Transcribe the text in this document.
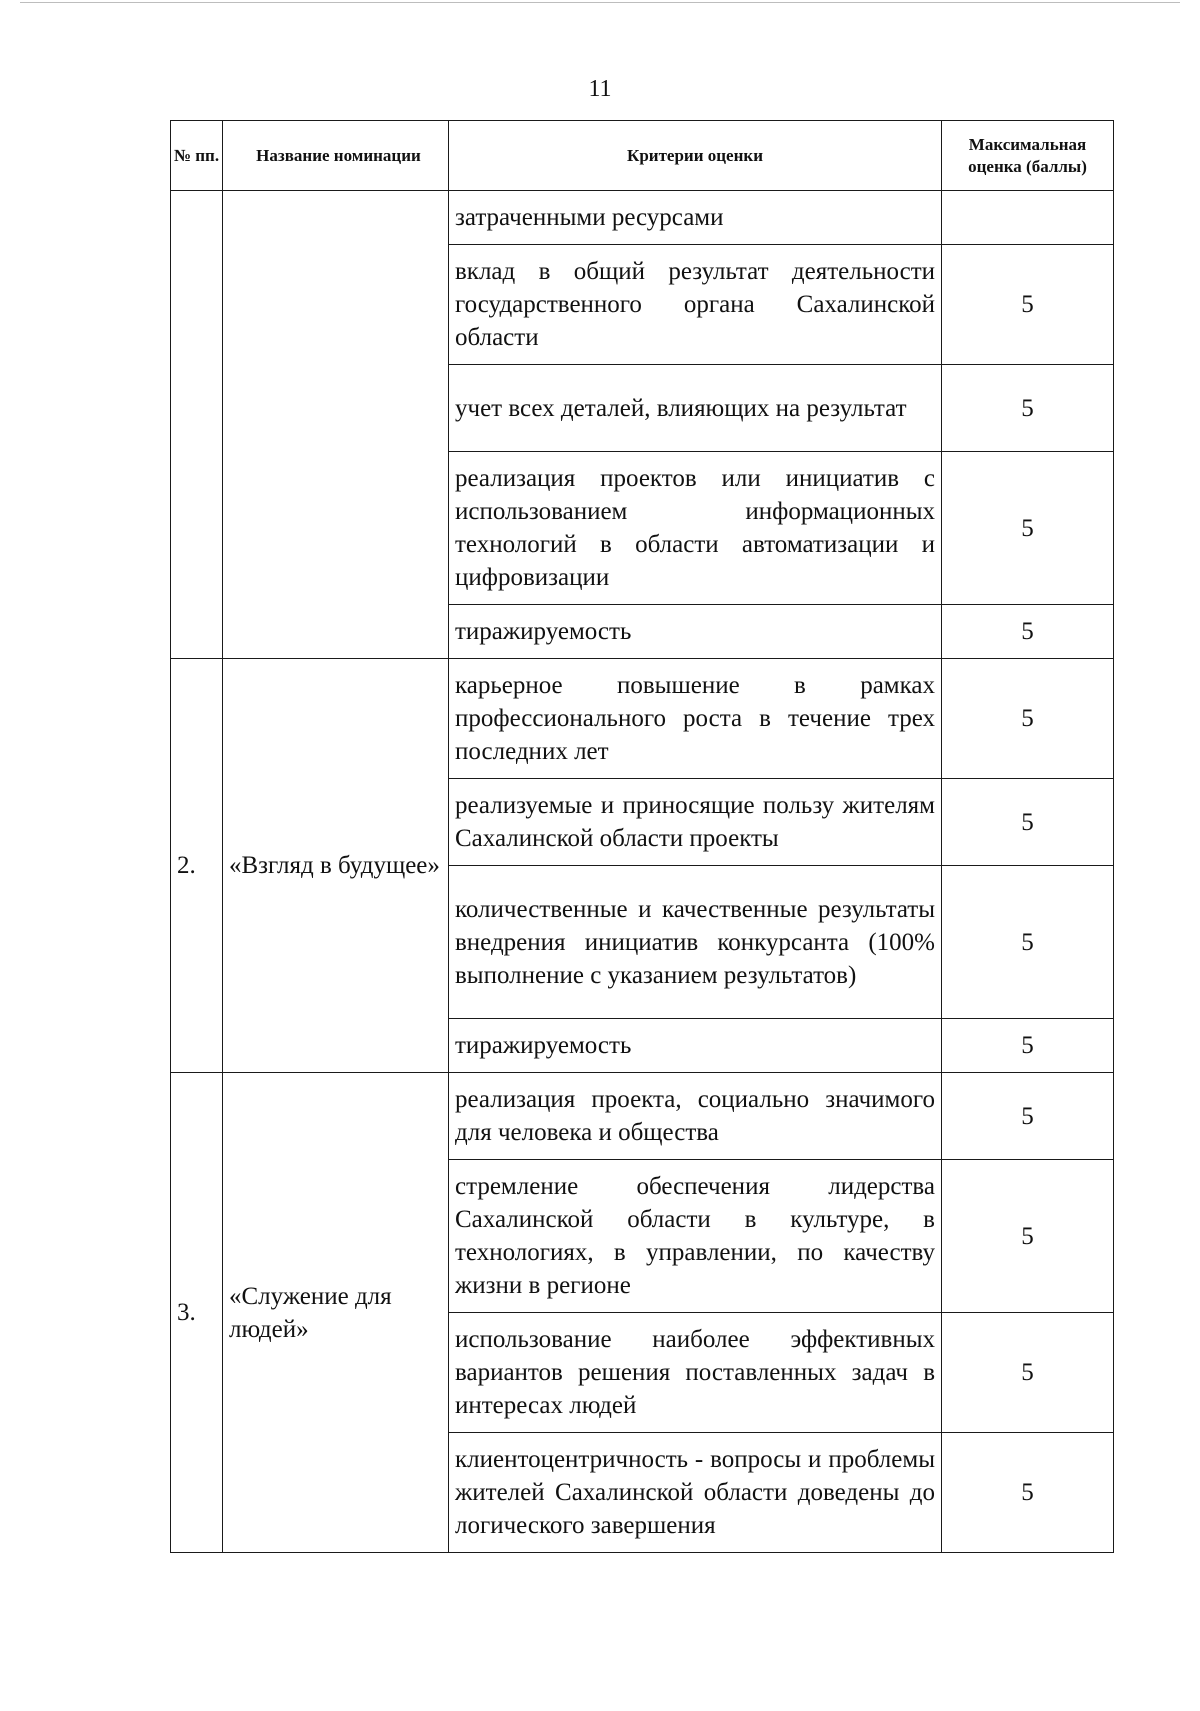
11
№ пп.	Название номинации	Критерии оценки	Максимальная оценка (баллы)
		затраченными ресурсами	
		вклад в общий результат деятельности государственного органа Сахалинской области	5
		учет всех деталей, влияющих на результат	5
		реализация проектов или инициатив с использованием информационных технологий в области автоматизации и цифровизации	5
		тиражируемость	5
2.	«Взгляд в будущее»	карьерное повышение в рамках профессионального роста в течение трех последних лет	5
		реализуемые и приносящие пользу жителям Сахалинской области проекты	5
		количественные и качественные результаты внедрения инициатив конкурсанта (100% выполнение с указанием результатов)	5
		тиражируемость	5
3.	«Служение для людей»	реализация проекта, социально значимого для человека и общества	5
		стремление обеспечения лидерства Сахалинской области в культуре, в технологиях, в управлении, по качеству жизни в регионе	5
		использование наиболее эффективных вариантов решения поставленных задач в интересах людей	5
		клиентоцентричность - вопросы и проблемы жителей Сахалинской области доведены до логического завершения	5
